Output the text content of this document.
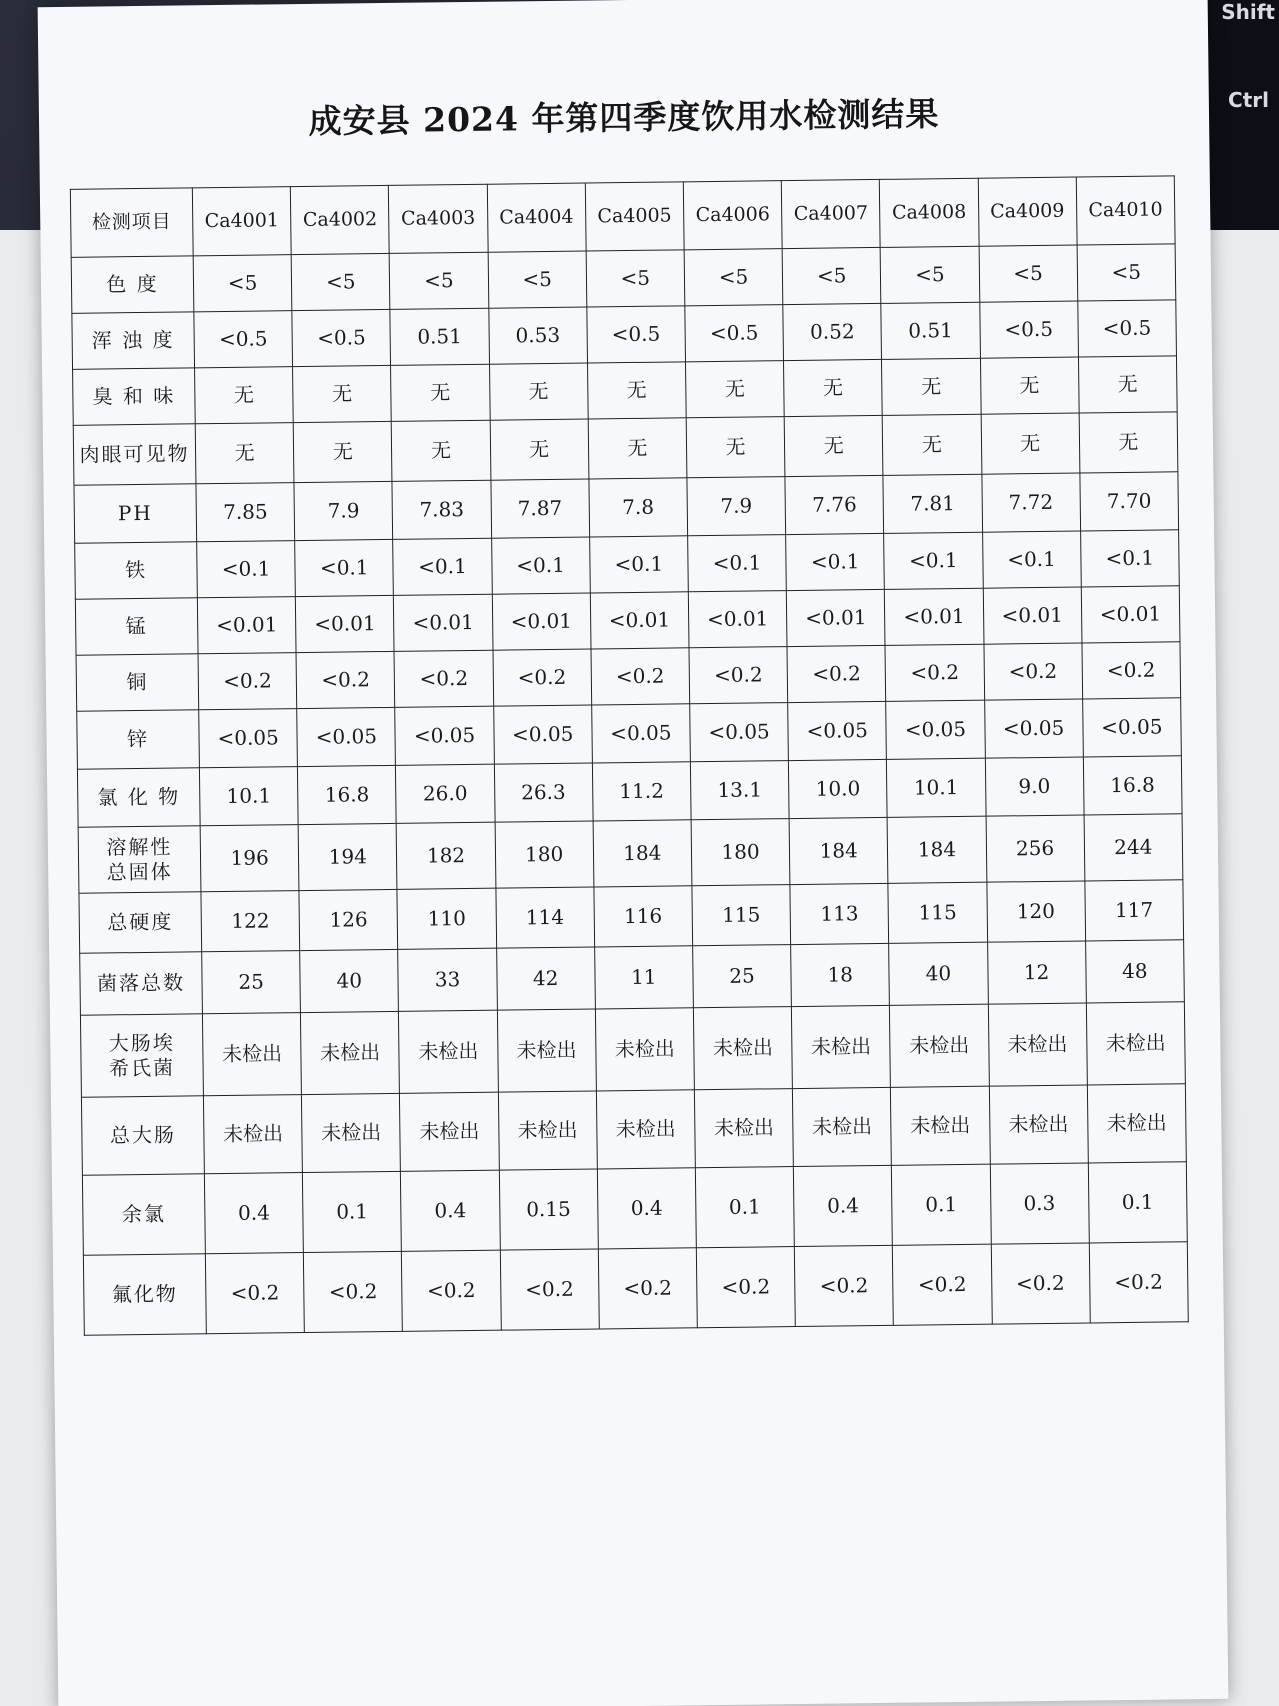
Shift
Ctrl
成安县 2024 年第四季度饮用水检测结果
检测项目	Ca4001	Ca4002	Ca4003	Ca4004	Ca4005	Ca4006	Ca4007	Ca4008	Ca4009	Ca4010
色 度	<5	<5	<5	<5	<5	<5	<5	<5	<5	<5
浑 浊 度	<0.5	<0.5	0.51	0.53	<0.5	<0.5	0.52	0.51	<0.5	<0.5
臭 和 味	无	无	无	无	无	无	无	无	无	无
肉眼可见物	无	无	无	无	无	无	无	无	无	无
PH	7.85	7.9	7.83	7.87	7.8	7.9	7.76	7.81	7.72	7.70
铁	<0.1	<0.1	<0.1	<0.1	<0.1	<0.1	<0.1	<0.1	<0.1	<0.1
锰	<0.01	<0.01	<0.01	<0.01	<0.01	<0.01	<0.01	<0.01	<0.01	<0.01
铜	<0.2	<0.2	<0.2	<0.2	<0.2	<0.2	<0.2	<0.2	<0.2	<0.2
锌	<0.05	<0.05	<0.05	<0.05	<0.05	<0.05	<0.05	<0.05	<0.05	<0.05
氯 化 物	10.1	16.8	26.0	26.3	11.2	13.1	10.0	10.1	9.0	16.8
溶解性
总固体	196	194	182	180	184	180	184	184	256	244
总硬度	122	126	110	114	116	115	113	115	120	117
菌落总数	25	40	33	42	11	25	18	40	12	48
大肠埃
希氏菌	未检出	未检出	未检出	未检出	未检出	未检出	未检出	未检出	未检出	未检出
总大肠	未检出	未检出	未检出	未检出	未检出	未检出	未检出	未检出	未检出	未检出
余氯	0.4	0.1	0.4	0.15	0.4	0.1	0.4	0.1	0.3	0.1
氟化物	<0.2	<0.2	<0.2	<0.2	<0.2	<0.2	<0.2	<0.2	<0.2	<0.2
